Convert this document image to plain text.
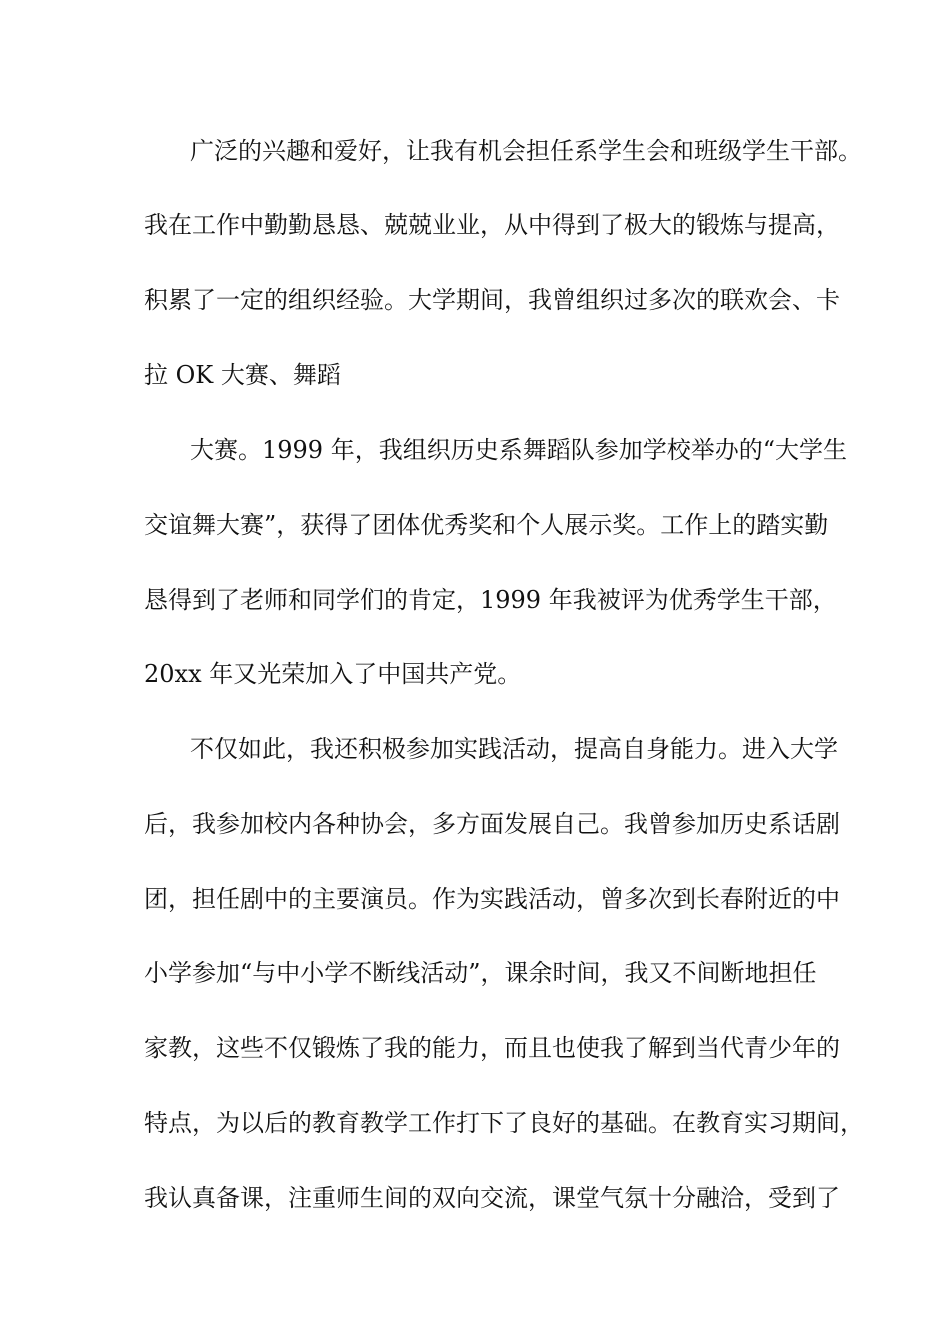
广泛的兴趣和爱好，让我有机会担任系学生会和班级学生干部。
我在工作中勤勤恳恳、兢兢业业，从中得到了极大的锻炼与提高，
积累了一定的组织经验。大学期间，我曾组织过多次的联欢会、卡
拉 OK 大赛、舞蹈
大赛。1999 年，我组织历史系舞蹈队参加学校举办的“大学生
交谊舞大赛”，获得了团体优秀奖和个人展示奖。工作上的踏实勤
恳得到了老师和同学们的肯定，1999 年我被评为优秀学生干部，
20xx 年又光荣加入了中国共产党。
不仅如此，我还积极参加实践活动，提高自身能力。进入大学
后，我参加校内各种协会，多方面发展自己。我曾参加历史系话剧
团，担任剧中的主要演员。作为实践活动，曾多次到长春附近的中
小学参加“与中小学不断线活动”，课余时间，我又不间断地担任
家教，这些不仅锻炼了我的能力，而且也使我了解到当代青少年的
特点，为以后的教育教学工作打下了良好的基础。在教育实习期间，
我认真备课，注重师生间的双向交流，课堂气氛十分融洽，受到了
